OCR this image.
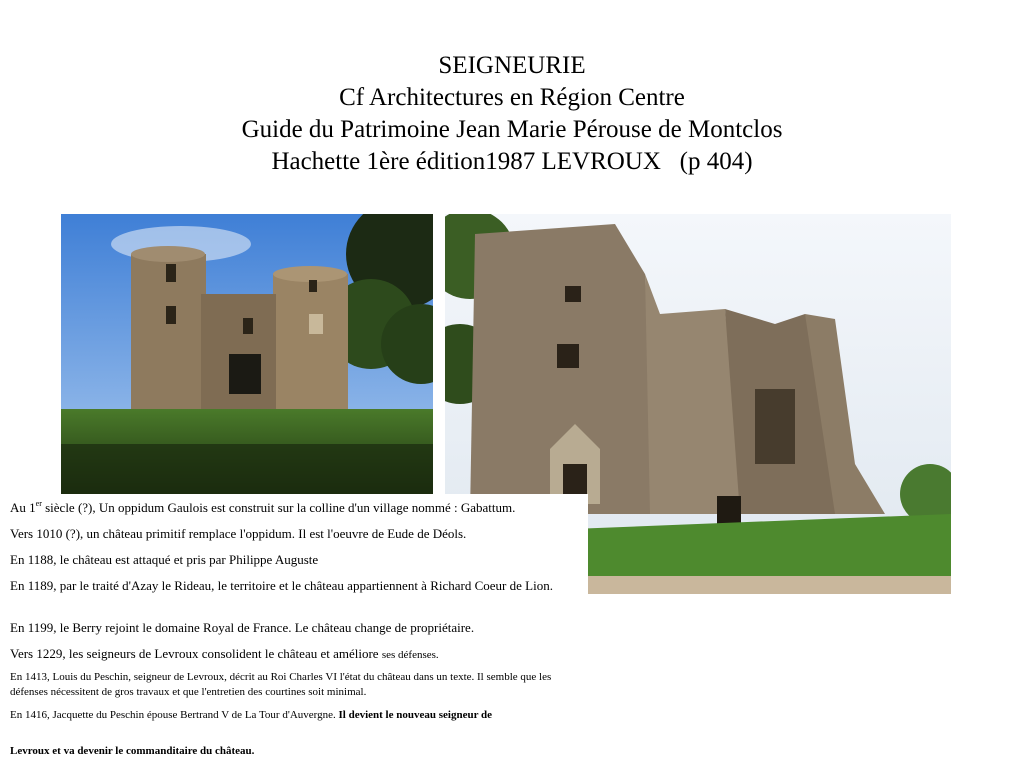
SEIGNEURIE
Cf Architectures en Région Centre
Guide du Patrimoine Jean Marie Pérouse de Montclos
Hachette 1ère édition1987 LEVROUX   (p 404)

Au 1er siècle (?), Un oppidum Gaulois est construit sur la colline d'un village nommé : Gabattum.

Vers 1010 (?), un château primitif remplace l'oppidum. Il est l'oeuvre de Eude de Déols.

En 1188, le château est attaqué et pris par Philippe Auguste

En 1189, par le traité d'Azay le Rideau, le territoire et le château appartiennent à Richard Coeur de Lion.

En 1199, le Berry rejoint le domaine Royal de France. Le château change de propriétaire.

Vers 1229, les seigneurs de Levroux consolident le château et améliore ses défenses.

En 1413, Louis du Peschin, seigneur de Levroux, décrit au Roi Charles VI l'état du château dans un texte. Il semble que les défenses nécessitent de gros travaux et que l'entretien des courtines soit minimal.

En 1416, Jacquette du Peschin épouse Bertrand V de La Tour d'Auvergne. Il devient le nouveau seigneur de

Levroux et va devenir le commanditaire du château.
